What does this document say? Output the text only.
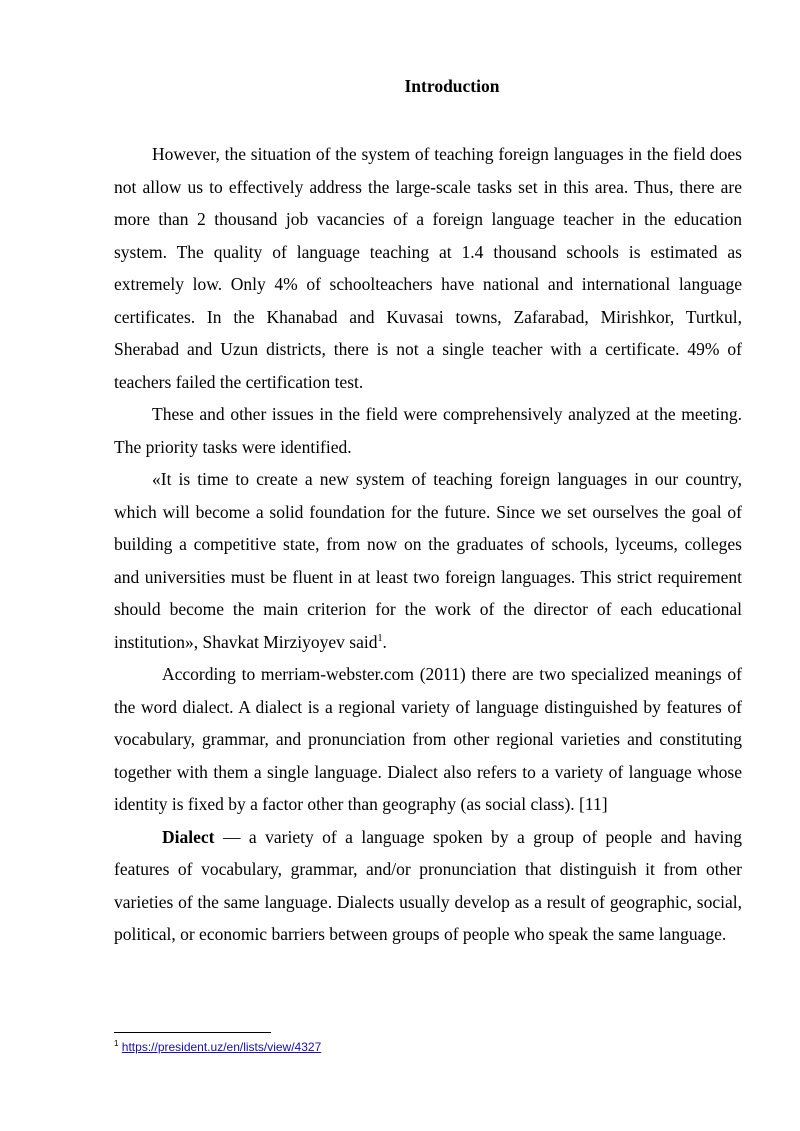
Introduction

However, the situation of the system of teaching foreign languages in the field does not allow us to effectively address the large-scale tasks set in this area. Thus, there are more than 2 thousand job vacancies of a foreign language teacher in the education system. The quality of language teaching at 1.4 thousand schools is estimated as extremely low. Only 4% of schoolteachers have national and international language certificates. In the Khanabad and Kuvasai towns, Zafarabad, Mirishkor, Turtkul, Sherabad and Uzun districts, there is not a single teacher with a certificate. 49% of teachers failed the certification test.

These and other issues in the field were comprehensively analyzed at the meeting. The priority tasks were identified.

«It is time to create a new system of teaching foreign languages in our country, which will become a solid foundation for the future. Since we set ourselves the goal of building a competitive state, from now on the graduates of schools, lyceums, colleges and universities must be fluent in at least two foreign languages. This strict requirement should become the main criterion for the work of the director of each educational institution», Shavkat Mirziyoyev said$^1$.

According to merriam-webster.com (2011) there are two specialized meanings of the word dialect. A dialect is a regional variety of language distinguished by features of vocabulary, grammar, and pronunciation from other regional varieties and constituting together with them a single language. Dialect also refers to a variety of language whose identity is fixed by a factor other than geography (as social class). [11]

Dialect — a variety of a language spoken by a group of people and having features of vocabulary, grammar, and/or pronunciation that distinguish it from other varieties of the same language. Dialects usually develop as a result of geographic, social, political, or economic barriers between groups of people who speak the same language.

$^1$ https://president.uz/en/lists/view/4327
